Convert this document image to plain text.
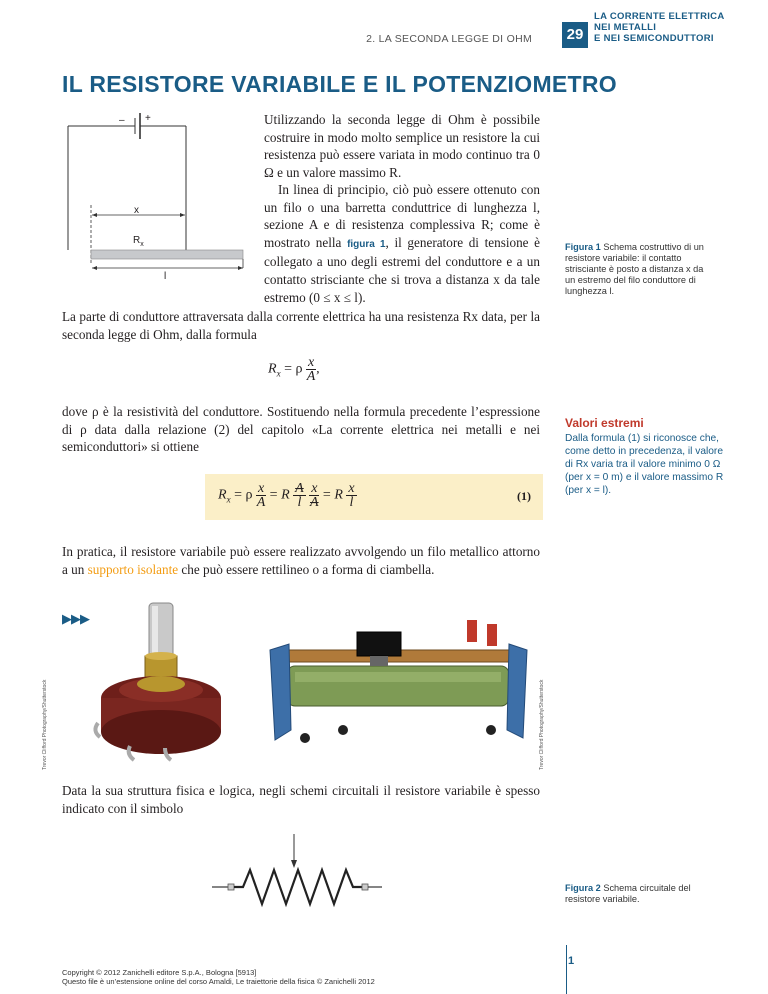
2. LA SECONDA LEGGE DI OHM	29
LA CORRENTE ELETTRICA
NEI METALLI
E NEI SEMICONDUTTORI
IL RESISTORE VARIABILE E IL POTENZIOMETRO
– +
x
$R_x$
l
Utilizzando la seconda legge di Ohm è possibile costruire in modo molto semplice un resistore la cui resistenza può essere variata in modo continuo tra 0 Ω e un valore massimo R.
In linea di principio, ciò può essere ottenuto con un filo o una barretta conduttrice di lunghezza l, sezione A e di resistenza complessiva R; come è mostrato nella figura 1, il generatore di tensione è collegato a uno degli estremi del conduttore e a un contatto strisciante che si trova a distanza x da tale estremo (0 ≤ x ≤ l).
Figura 1 Schema costruttivo di un resistore variabile: il contatto strisciante è posto a distanza x da un estremo del filo conduttore di lunghezza l.
La parte di conduttore attraversata dalla corrente elettrica ha una resistenza Rx data, per la seconda legge di Ohm, dalla formula
$R_x = \rho \frac{x}{A}$ ,
dove ρ è la resistività del conduttore. Sostituendo nella formula precedente l’espressione di ρ data dalla relazione (2) del capitolo «La corrente elettrica nei metalli e nei semiconduttori» si ottiene
$R_x = \rho \frac{x}{A} = R \frac{A}{l}$
$\frac{x}{A} = R \frac{x}{l}$	(1)
Valori estremi
Dalla formula (1) si riconosce che, come detto in precedenza, il valore di Rx varia tra il valore minimo 0 Ω (per x = 0 m) e il valore massimo R (per x = l).
In pratica, il resistore variabile può essere realizzato avvolgendo un filo metallico attorno a un supporto isolante che può essere rettilineo o a forma di ciambella.
▶▶▶
Trevor Clifford Photography/Shutterstock	Trevor Clifford Photography/Shutterstock
Data la sua struttura fisica e logica, negli schemi circuitali il resistore variabile è spesso indicato con il simbolo
Figura 2 Schema circuitale del resistore variabile.
1
Copyright © 2012 Zanichelli editore S.p.A., Bologna [5913]
Questo file è un’estensione online del corso Amaldi, Le traiettorie della fisica © Zanichelli 2012
